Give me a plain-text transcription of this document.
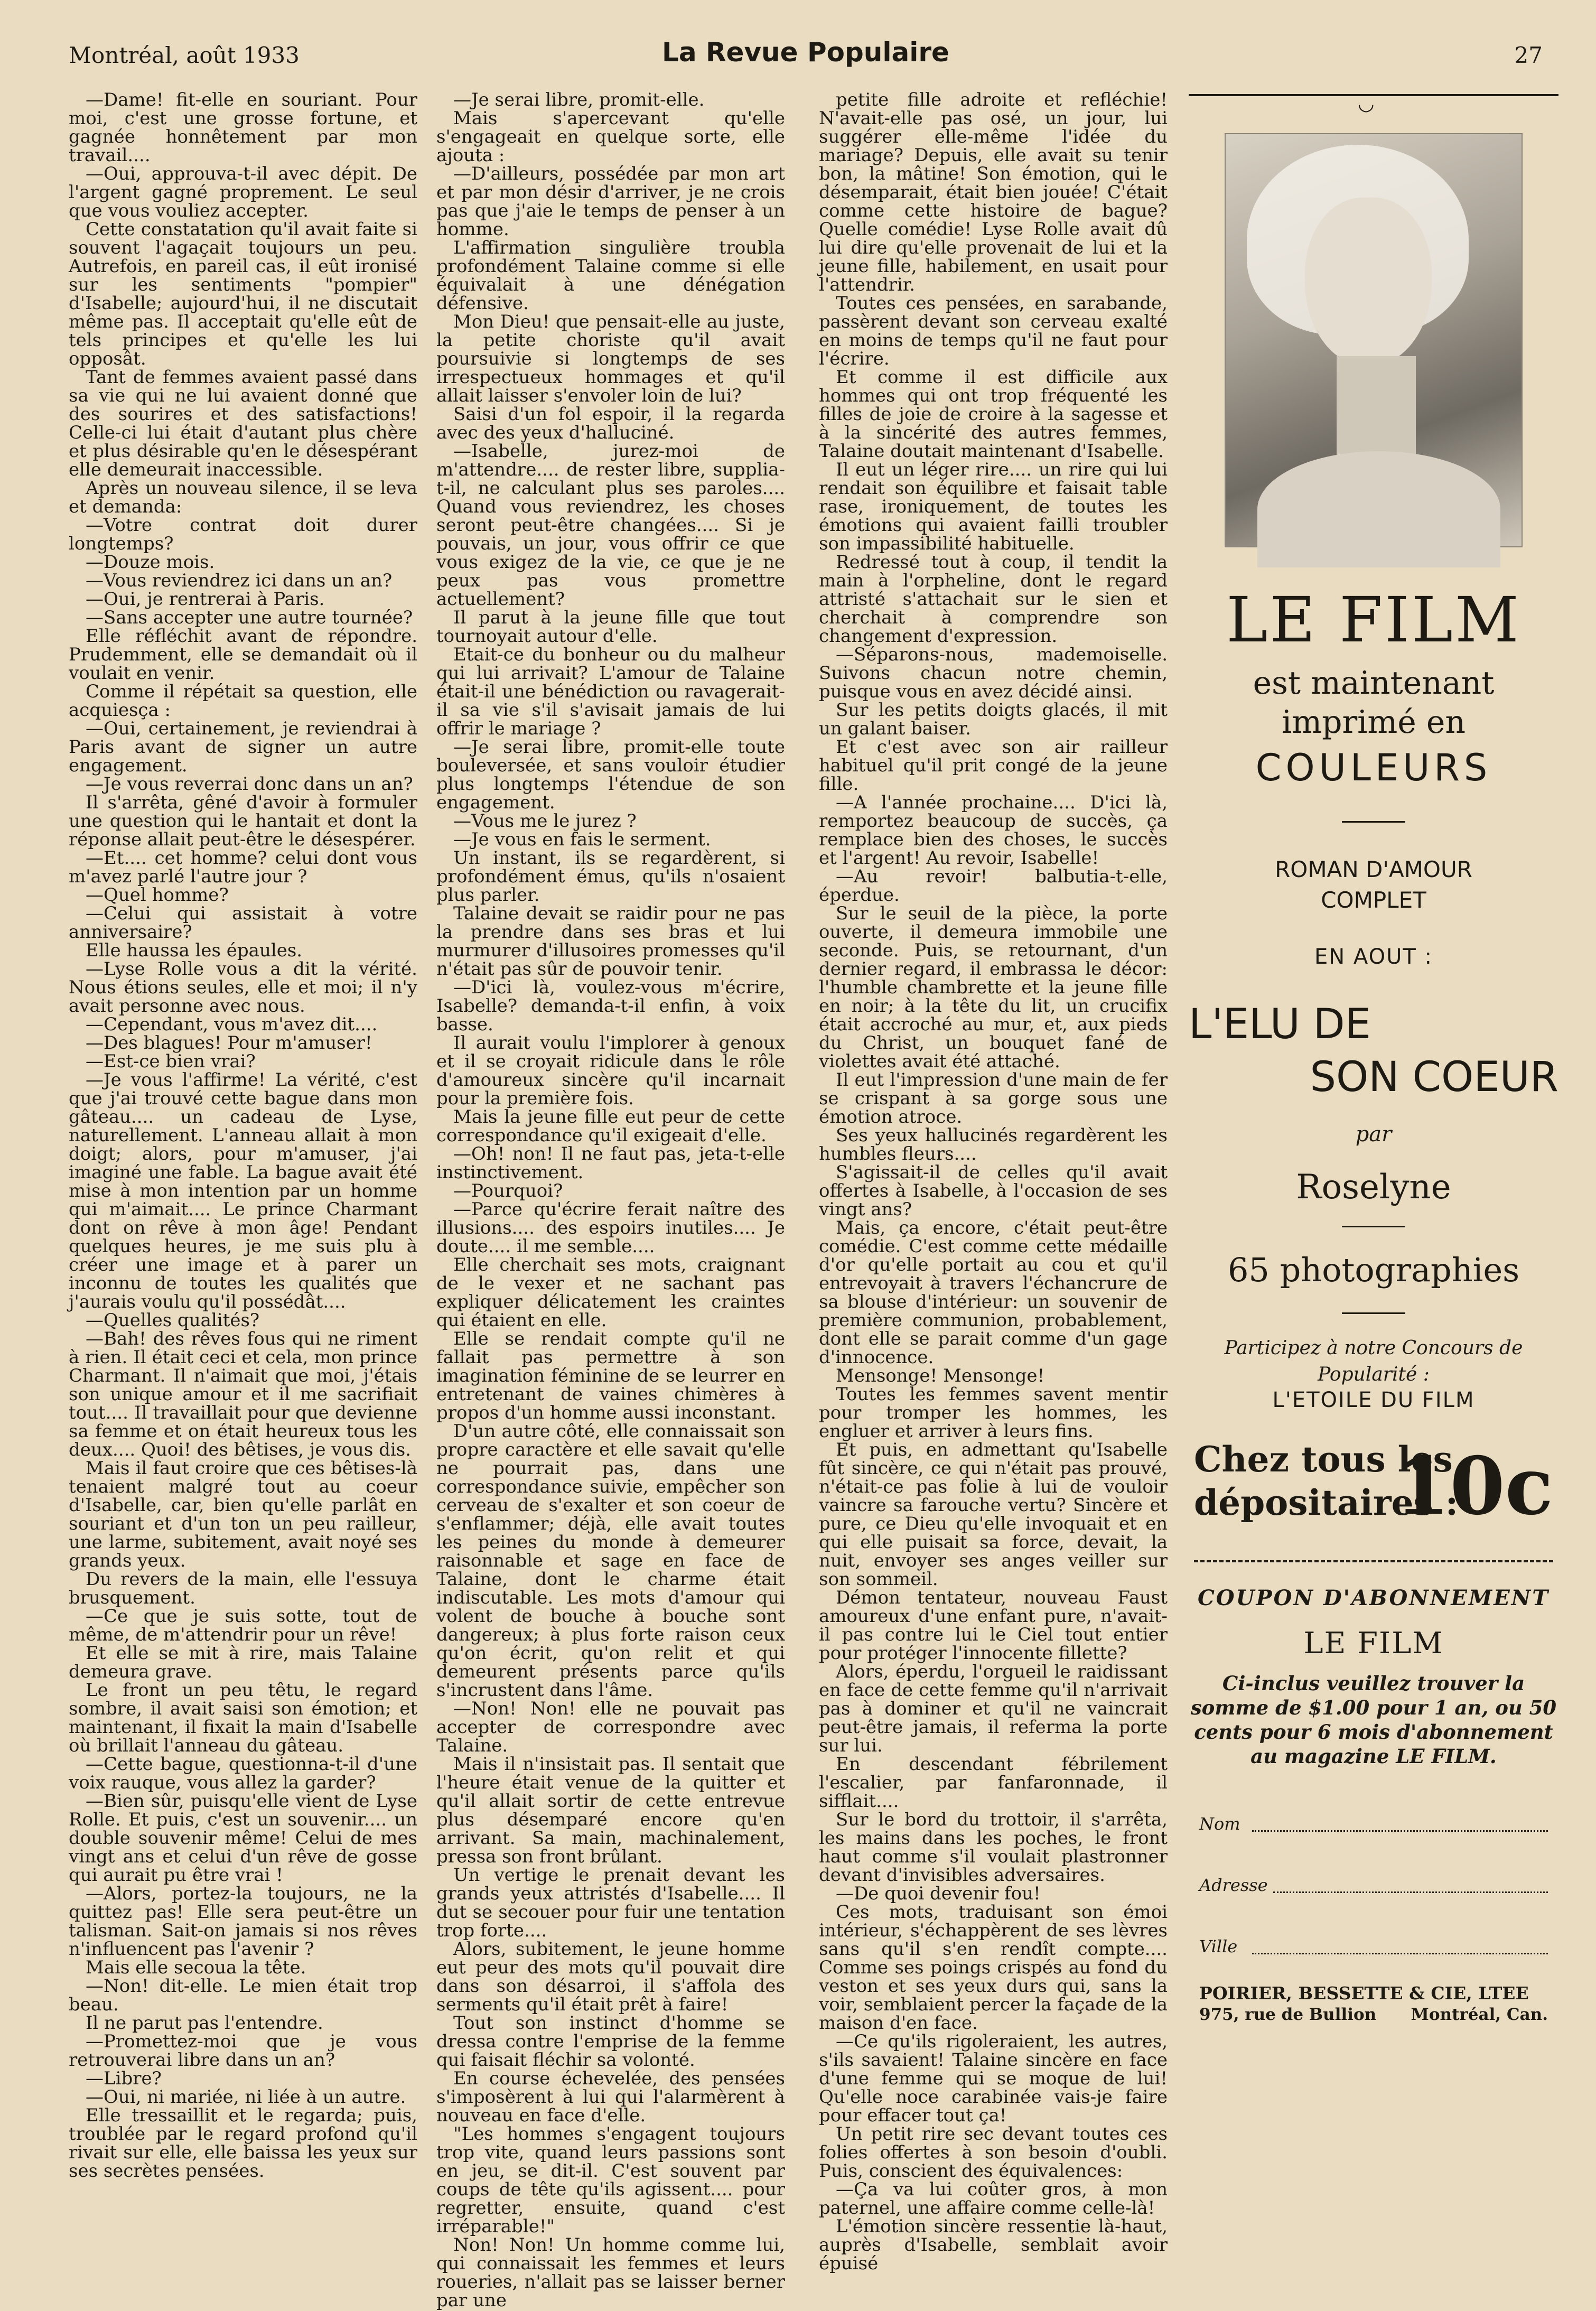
Montréal, août 1933	La Revue Populaire	27

—Dame! fit-elle en souriant. Pour moi, c'est une grosse fortune, et gagnée honnêtement par mon travail....

—Oui, approuva-t-il avec dépit. De l'argent gagné proprement. Le seul que vous vouliez accepter.

Cette constatation qu'il avait faite si souvent l'agaçait toujours un peu. Autrefois, en pareil cas, il eût ironisé sur les sentiments "pompier" d'Isabelle; aujourd'hui, il ne discutait même pas. Il acceptait qu'elle eût de tels principes et qu'elle les lui opposât.

Tant de femmes avaient passé dans sa vie qui ne lui avaient donné que des sourires et des satisfactions! Celle-ci lui était d'autant plus chère et plus désirable qu'en le désespérant elle demeurait inaccessible.

Après un nouveau silence, il se leva et demanda:

—Votre contrat doit durer longtemps?

—Douze mois.

—Vous reviendrez ici dans un an?

—Oui, je rentrerai à Paris.

—Sans accepter une autre tournée?

Elle réfléchit avant de répondre. Prudemment, elle se demandait où il voulait en venir.

Comme il répétait sa question, elle acquiesça :

—Oui, certainement, je reviendrai à Paris avant de signer un autre engagement.

—Je vous reverrai donc dans un an?

Il s'arrêta, gêné d'avoir à formuler une question qui le hantait et dont la réponse allait peut-être le désespérer.

—Et.... cet homme? celui dont vous m'avez parlé l'autre jour ?

—Quel homme?

—Celui qui assistait à votre anniversaire?

Elle haussa les épaules.

—Lyse Rolle vous a dit la vérité. Nous étions seules, elle et moi; il n'y avait personne avec nous.

—Cependant, vous m'avez dit....

—Des blagues! Pour m'amuser!

—Est-ce bien vrai?

—Je vous l'affirme! La vérité, c'est que j'ai trouvé cette bague dans mon gâteau.... un cadeau de Lyse, naturellement. L'anneau allait à mon doigt; alors, pour m'amuser, j'ai imaginé une fable. La bague avait été mise à mon intention par un homme qui m'aimait.... Le prince Charmant dont on rêve à mon âge! Pendant quelques heures, je me suis plu à créer une image et à parer un inconnu de toutes les qualités que j'aurais voulu qu'il possédât....

—Quelles qualités?

—Bah! des rêves fous qui ne riment à rien. Il était ceci et cela, mon prince Charmant. Il n'aimait que moi, j'étais son unique amour et il me sacrifiait tout.... Il travaillait pour que devienne sa femme et on était heureux tous les deux.... Quoi! des bêtises, je vous dis.

Mais il faut croire que ces bêtises-là tenaient malgré tout au coeur d'Isabelle, car, bien qu'elle parlât en souriant et d'un ton un peu railleur, une larme, subitement, avait noyé ses grands yeux.

Du revers de la main, elle l'essuya brusquement.

—Ce que je suis sotte, tout de même, de m'attendrir pour un rêve!

Et elle se mit à rire, mais Talaine demeura grave.

Le front un peu têtu, le regard sombre, il avait saisi son émotion; et maintenant, il fixait la main d'Isabelle où brillait l'anneau du gâteau.

—Cette bague, questionna-t-il d'une voix rauque, vous allez la garder?

—Bien sûr, puisqu'elle vient de Lyse Rolle. Et puis, c'est un souvenir.... un double souvenir même! Celui de mes vingt ans et celui d'un rêve de gosse qui aurait pu être vrai !

—Alors, portez-la toujours, ne la quittez pas! Elle sera peut-être un talisman. Sait-on jamais si nos rêves n'influencent pas l'avenir ?

Mais elle secoua la tête.

—Non! dit-elle. Le mien était trop beau.

Il ne parut pas l'entendre.

—Promettez-moi que je vous retrouverai libre dans un an?

—Libre?

—Oui, ni mariée, ni liée à un autre.

Elle tressaillit et le regarda; puis, troublée par le regard profond qu'il rivait sur elle, elle baissa les yeux sur ses secrètes pensées.

—Je serai libre, promit-elle.

Mais s'apercevant qu'elle s'engageait en quelque sorte, elle ajouta :

—D'ailleurs, possédée par mon art et par mon désir d'arriver, je ne crois pas que j'aie le temps de penser à un homme.

L'affirmation singulière troubla profondément Talaine comme si elle équivalait à une dénégation défensive.

Mon Dieu! que pensait-elle au juste, la petite choriste qu'il avait poursuivie si longtemps de ses irrespectueux hommages et qu'il allait laisser s'envoler loin de lui?

Saisi d'un fol espoir, il la regarda avec des yeux d'halluciné.

—Isabelle, jurez-moi de m'attendre.... de rester libre, supplia-t-il, ne calculant plus ses paroles.... Quand vous reviendrez, les choses seront peut-être changées.... Si je pouvais, un jour, vous offrir ce que vous exigez de la vie, ce que je ne peux pas vous promettre actuellement?

Il parut à la jeune fille que tout tournoyait autour d'elle.

Etait-ce du bonheur ou du malheur qui lui arrivait? L'amour de Talaine était-il une bénédiction ou ravagerait-il sa vie s'il s'avisait jamais de lui offrir le mariage ?

—Je serai libre, promit-elle toute bouleversée, et sans vouloir étudier plus longtemps l'étendue de son engagement.

—Vous me le jurez ?

—Je vous en fais le serment.

Un instant, ils se regardèrent, si profondément émus, qu'ils n'osaient plus parler.

Talaine devait se raidir pour ne pas la prendre dans ses bras et lui murmurer d'illusoires promesses qu'il n'était pas sûr de pouvoir tenir.

—D'ici là, voulez-vous m'écrire, Isabelle? demanda-t-il enfin, à voix basse.

Il aurait voulu l'implorer à genoux et il se croyait ridicule dans le rôle d'amoureux sincère qu'il incarnait pour la première fois.

Mais la jeune fille eut peur de cette correspondance qu'il exigeait d'elle.

—Oh! non! Il ne faut pas, jeta-t-elle instinctivement.

—Pourquoi?

—Parce qu'écrire ferait naître des illusions.... des espoirs inutiles.... Je doute.... il me semble....

Elle cherchait ses mots, craignant de le vexer et ne sachant pas expliquer délicatement les craintes qui étaient en elle.

Elle se rendait compte qu'il ne fallait pas permettre à son imagination féminine de se leurrer en entretenant de vaines chimères à propos d'un homme aussi inconstant.

D'un autre côté, elle connaissait son propre caractère et elle savait qu'elle ne pourrait pas, dans une correspondance suivie, empêcher son cerveau de s'exalter et son coeur de s'enflammer; déjà, elle avait toutes les peines du monde à demeurer raisonnable et sage en face de Talaine, dont le charme était indiscutable. Les mots d'amour qui volent de bouche à bouche sont dangereux; à plus forte raison ceux qu'on écrit, qu'on relit et qui demeurent présents parce qu'ils s'incrustent dans l'âme.

—Non! Non! elle ne pouvait pas accepter de correspondre avec Talaine.

Mais il n'insistait pas. Il sentait que l'heure était venue de la quitter et qu'il allait sortir de cette entrevue plus désemparé encore qu'en arrivant. Sa main, machinalement, pressa son front brûlant.

Un vertige le prenait devant les grands yeux attristés d'Isabelle.... Il dut se secouer pour fuir une tentation trop forte....

Alors, subitement, le jeune homme eut peur des mots qu'il pouvait dire dans son désarroi, il s'affola des serments qu'il était prêt à faire!

Tout son instinct d'homme se dressa contre l'emprise de la femme qui faisait fléchir sa volonté.

En course échevelée, des pensées s'imposèrent à lui qui l'alarmèrent à nouveau en face d'elle.

"Les hommes s'engagent toujours trop vite, quand leurs passions sont en jeu, se dit-il. C'est souvent par coups de tête qu'ils agissent.... pour regretter, ensuite, quand c'est irréparable!"

Non! Non! Un homme comme lui, qui connaissait les femmes et leurs roueries, n'allait pas se laisser berner par une

petite fille adroite et refléchie! N'avait-elle pas osé, un jour, lui suggérer elle-même l'idée du mariage? Depuis, elle avait su tenir bon, la mâtine! Son émotion, qui le désemparait, était bien jouée! C'était comme cette histoire de bague? Quelle comédie! Lyse Rolle avait dû lui dire qu'elle provenait de lui et la jeune fille, habilement, en usait pour l'attendrir.

Toutes ces pensées, en sarabande, passèrent devant son cerveau exalté en moins de temps qu'il ne faut pour l'écrire.

Et comme il est difficile aux hommes qui ont trop fréquenté les filles de joie de croire à la sagesse et à la sincérité des autres femmes, Talaine doutait maintenant d'Isabelle.

Il eut un léger rire.... un rire qui lui rendait son équilibre et faisait table rase, ironiquement, de toutes les émotions qui avaient failli troubler son impassibilité habituelle.

Redressé tout à coup, il tendit la main à l'orpheline, dont le regard attristé s'attachait sur le sien et cherchait à comprendre son changement d'expression.

—Séparons-nous, mademoiselle. Suivons chacun notre chemin, puisque vous en avez décidé ainsi.

Sur les petits doigts glacés, il mit un galant baiser.

Et c'est avec son air railleur habituel qu'il prit congé de la jeune fille.

—A l'année prochaine.... D'ici là, remportez beaucoup de succès, ça remplace bien des choses, le succès et l'argent! Au revoir, Isabelle!

—Au revoir! balbutia-t-elle, éperdue.

Sur le seuil de la pièce, la porte ouverte, il demeura immobile une seconde. Puis, se retournant, d'un dernier regard, il embrassa le décor: l'humble chambrette et la jeune fille en noir; à la tête du lit, un crucifix était accroché au mur, et, aux pieds du Christ, un bouquet fané de violettes avait été attaché.

Il eut l'impression d'une main de fer se crispant à sa gorge sous une émotion atroce.

Ses yeux hallucinés regardèrent les humbles fleurs....

S'agissait-il de celles qu'il avait offertes à Isabelle, à l'occasion de ses vingt ans?

Mais, ça encore, c'était peut-être comédie. C'est comme cette médaille d'or qu'elle portait au cou et qu'il entrevoyait à travers l'échancrure de sa blouse d'intérieur: un souvenir de première communion, probablement, dont elle se parait comme d'un gage d'innocence.

Mensonge! Mensonge!

Toutes les femmes savent mentir pour tromper les hommes, les engluer et arriver à leurs fins.

Et puis, en admettant qu'Isabelle fût sincère, ce qui n'était pas prouvé, n'était-ce pas folie à lui de vouloir vaincre sa farouche vertu? Sincère et pure, ce Dieu qu'elle invoquait et en qui elle puisait sa force, devait, la nuit, envoyer ses anges veiller sur son sommeil.

Démon tentateur, nouveau Faust amoureux d'une enfant pure, n'avait-il pas contre lui le Ciel tout entier pour protéger l'innocente fillette?

Alors, éperdu, l'orgueil le raidissant en face de cette femme qu'il n'arrivait pas à dominer et qu'il ne vaincrait peut-être jamais, il referma la porte sur lui.

En descendant fébrilement l'escalier, par fanfaronnade, il sifflait....

Sur le bord du trottoir, il s'arrêta, les mains dans les poches, le front haut comme s'il voulait plastronner devant d'invisibles adversaires.

—De quoi devenir fou!

Ces mots, traduisant son émoi intérieur, s'échappèrent de ses lèvres sans qu'il s'en rendît compte.... Comme ses poings crispés au fond du veston et ses yeux durs qui, sans la voir, semblaient percer la façade de la maison d'en face.

—Ce qu'ils rigoleraient, les autres, s'ils savaient! Talaine sincère en face d'une femme qui se moque de lui! Qu'elle noce carabinée vais-je faire pour effacer tout ça!

Un petit rire sec devant toutes ces folies offertes à son besoin d'oubli. Puis, conscient des équivalences:

—Ça va lui coûter gros, à mon paternel, une affaire comme celle-là!

L'émotion sincère ressentie là-haut, auprès d'Isabelle, semblait avoir épuisé

◡
LE FILM
est maintenant
imprimé en
COULEURS
ROMAN D'AMOUR
COMPLET
EN AOUT :
L'ELU DE
SON COEUR
par
Roselyne
65 photographies
Participez à notre Concours de Popularité :
L'ETOILE DU FILM
Chez tous les
dépositaires :
10c
COUPON D'ABONNEMENT
LE FILM
Ci-inclus veuillez trouver la somme de $1.00 pour 1 an, ou 50 cents pour 6 mois d'abonnement au magazine LE FILM.
Nom
Adresse
Ville
POIRIER, BESSETTE & CIE, LTEE
975, rue de Bullion Montréal, Can.
